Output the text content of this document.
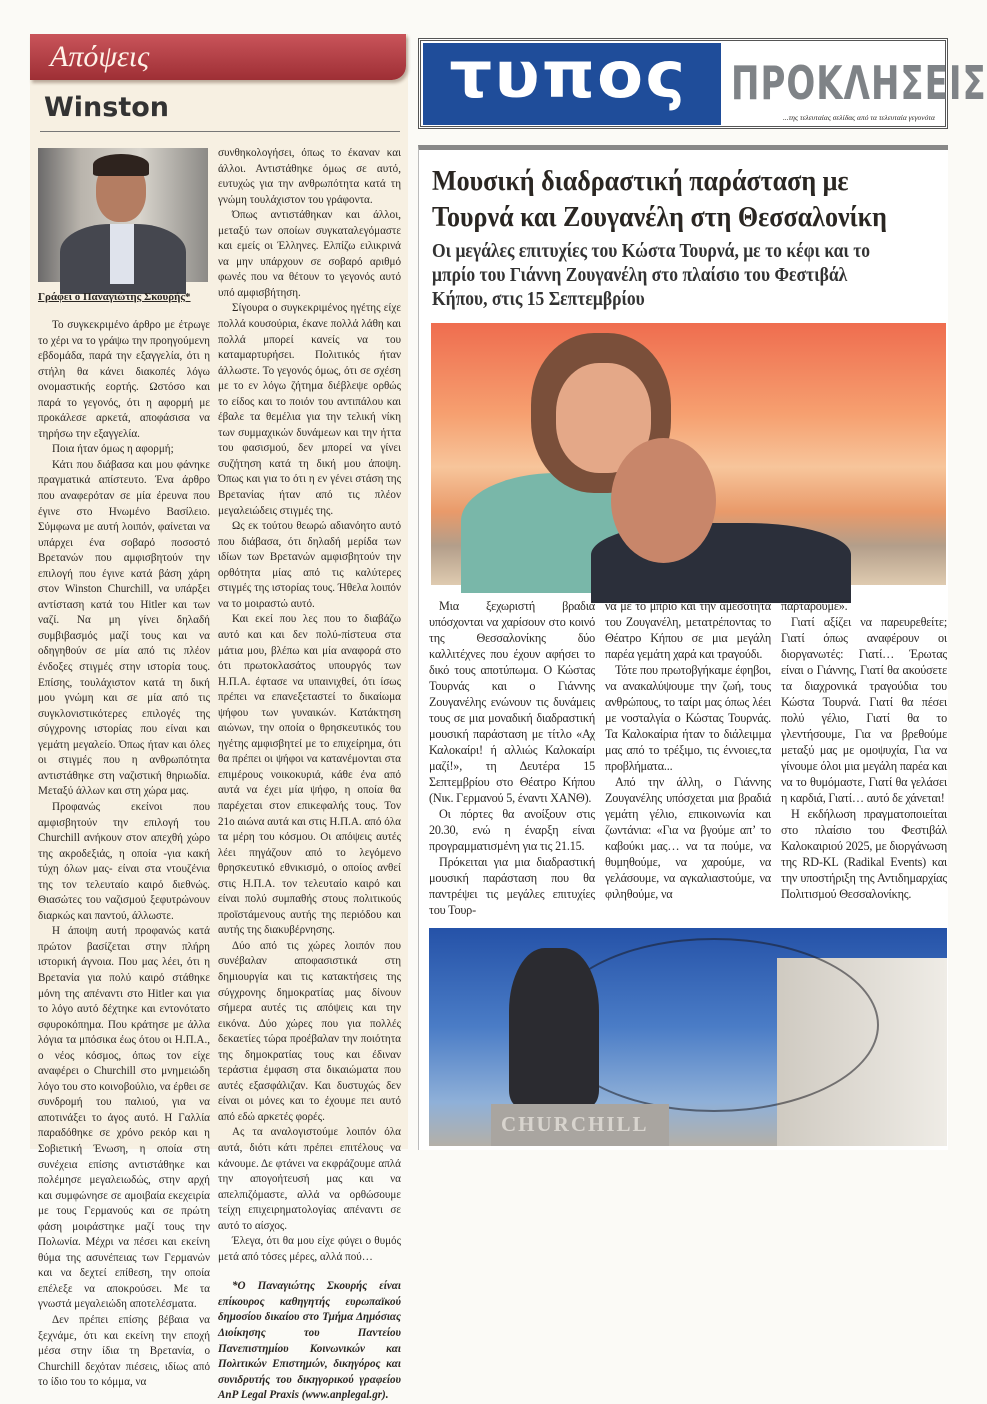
Απόψεις
Winston
Γράφει ο Παναγιώτης Σκουρής*

Το συγκεκριμένο άρθρο με έτρωγε το χέρι να το γράψω την προηγούμενη εβδομάδα, παρά την εξαγγελία, ότι η στήλη θα κάνει διακοπές λόγω ονομαστικής εορτής. Ωστόσο και παρά το γεγονός, ότι η αφορμή με προκάλεσε αρκετά, αποφάσισα να τηρήσω την εξαγγελία.

Ποια ήταν όμως η αφορμή;

Κάτι που διάβασα και μου φάνηκε πραγματικά απίστευτο. Ένα άρθρο που αναφερόταν σε μία έρευνα που έγινε στο Ηνωμένο Βασίλειο. Σύμφωνα με αυτή λοιπόν, φαίνεται να υπάρχει ένα σοβαρό ποσοστό Βρετανών που αμφισβητούν την επιλογή που έγινε κατά βάση χάρη στον Winston Churchill, να υπάρξει αντίσταση κατά του Hitler και των ναζί. Να μη γίνει δηλαδή συμβιβασμός μαζί τους και να οδηγηθούν σε μία από τις πλέον ένδοξες στιγμές στην ιστορία τους. Επίσης, τουλάχιστον κατά τη δική μου γνώμη και σε μία από τις συγκλονιστικότερες επιλογές της σύγχρονης ιστορίας που είναι και γεμάτη μεγαλείο. Όπως ήταν και όλες οι στιγμές που η ανθρωπότητα αντιστάθηκε στη ναζιστική θηριωδία. Μεταξύ άλλων και στη χώρα μας.

Προφανώς εκείνοι που αμφισβητούν την επιλογή του Churchill ανήκουν στον απεχθή χώρο της ακροδεξιάς, η οποία -για κακή τύχη όλων μας- είναι στα ντουζένια της τον τελευταίο καιρό διεθνώς. Θιασώτες του ναζισμού ξεφυτρώνουν διαρκώς και παντού, άλλωστε.

Η άποψη αυτή προφανώς κατά πρώτον βασίζεται στην πλήρη ιστορική άγνοια. Που μας λέει, ότι η Βρετανία για πολύ καιρό στάθηκε μόνη της απέναντι στο Hitler και για το λόγο αυτό δέχτηκε και εντονότατο σφυροκόπημα. Που κράτησε με άλλα λόγια τα μπόσικα έως ότου οι Η.Π.Α., ο νέος κόσμος, όπως τον είχε αναφέρει ο Churchill στο μνημειώδη λόγο του στο κοινοβούλιο, να έρθει σε συνδρομή του παλιού, για να αποτινάξει το άγος αυτό. Η Γαλλία παραδόθηκε σε χρόνο ρεκόρ και η Σοβιετική Ένωση, η οποία στη συνέχεια επίσης αντιστάθηκε και πολέμησε μεγαλειωδώς, στην αρχή και συμφώνησε σε αμοιβαία εκεχειρία με τους Γερμανούς και σε πρώτη φάση μοιράστηκε μαζί τους την Πολωνία. Μέχρι να πέσει και εκείνη θύμα της ασυνέπειας των Γερμανών και να δεχτεί επίθεση, την οποία επέλεξε να αποκρούσει. Με τα γνωστά μεγαλειώδη αποτελέσματα.

Δεν πρέπει επίσης βέβαια να ξεχνάμε, ότι και εκείνη την εποχή μέσα στην ίδια τη Βρετανία, ο Churchill δεχόταν πιέσεις, ιδίως από το ίδιο του το κόμμα, να

συνθηκολογήσει, όπως το έκαναν και άλλοι. Αντιστάθηκε όμως σε αυτό, ευτυχώς για την ανθρωπότητα κατά τη γνώμη τουλάχιστον του γράφοντα.

Όπως αντιστάθηκαν και άλλοι, μεταξύ των οποίων συγκαταλεγόμαστε και εμείς οι Έλληνες. Ελπίζω ειλικρινά να μην υπάρχουν σε σοβαρό αριθμό φωνές που να θέτουν το γεγονός αυτό υπό αμφισβήτηση.

Σίγουρα ο συγκεκριμένος ηγέτης είχε πολλά κουσούρια, έκανε πολλά λάθη και πολλά μπορεί κανείς να του καταμαρτυρήσει. Πολιτικός ήταν άλλωστε. Το γεγονός όμως, ότι σε σχέση με το εν λόγω ζήτημα διέβλεψε ορθώς το είδος και το ποιόν του αντιπάλου και έβαλε τα θεμέλια για την τελική νίκη των συμμαχικών δυνάμεων και την ήττα του φασισμού, δεν μπορεί να γίνει συζήτηση κατά τη δική μου άποψη. Όπως και για το ότι η εν γένει στάση της Βρετανίας ήταν από τις πλέον μεγαλειώδεις στιγμές της.

Ως εκ τούτου θεωρώ αδιανόητο αυτό που διάβασα, ότι δηλαδή μερίδα των ιδίων των Βρετανών αμφισβητούν την ορθότητα μίας από τις καλύτερες στιγμές της ιστορίας τους. Ήθελα λοιπόν να το μοιραστώ αυτό.

Και εκεί που λες που το διαβάζω αυτό και και δεν πολύ-πίστευα στα μάτια μου, βλέπω και μία αναφορά στο ότι πρωτοκλασάτος υπουργός των Η.Π.Α. έφτασε να υπαινιχθεί, ότι ίσως πρέπει να επανεξεταστεί το δικαίωμα ψήφου των γυναικών. Κατάκτηση αιώνων, την οποία ο θρησκευτικός του ηγέτης αμφισβητεί με το επιχείρημα, ότι θα πρέπει οι ψήφοι να κατανέμονται στα επιμέρους νοικοκυριά, κάθε ένα από αυτά να έχει μία ψήφο, η οποία θα παρέχεται στον επικεφαλής τους. Τον 21ο αιώνα αυτά και στις Η.Π.Α. από όλα τα μέρη του κόσμου. Οι απόψεις αυτές λέει πηγάζουν από το λεγόμενο θρησκευτικό εθνικισμό, ο οποίος ανθεί στις Η.Π.Α. τον τελευταίο καιρό και είναι πολύ συμπαθής στους πολιτικούς προϊστάμενους αυτής της περιόδου και αυτής της διακυβέρνησης.

Δύο από τις χώρες λοιπόν που συνέβαλαν αποφασιστικά στη δημιουργία και τις κατακτήσεις της σύγχρονης δημοκρατίας μας δίνουν σήμερα αυτές τις απόψεις και την εικόνα. Δύο χώρες που για πολλές δεκαετίες τώρα προέβαλαν την ποιότητα της δημοκρατίας τους και έδιναν τεράστια έμφαση στα δικαιώματα που αυτές εξασφάλιζαν. Και δυστυχώς δεν είναι οι μόνες και το έχουμε πει αυτό από εδώ αρκετές φορές.

Ας τα αναλογιστούμε λοιπόν όλα αυτά, διότι κάτι πρέπει επιτέλους να κάνουμε. Δε φτάνει να εκφράζουμε απλά την απογοήτευσή μας και να απελπιζόμαστε, αλλά να ορθώσουμε τείχη επιχειρηματολογίας απέναντι σε αυτό το αίσχος.

Έλεγα, ότι θα μου είχε φύγει ο θυμός μετά από τόσες μέρες, αλλά πού…

*Ο Παναγιώτης Σκουρής είναι επίκουρος καθηγητής ευρωπαϊκού δημοσίου δικαίου στο Τμήμα Δημόσιας Διοίκησης του Παντείου Πανεπιστημίου Κοινωνικών και Πολιτικών Επιστημών, δικηγόρος και συνιδρυτής του δικηγορικού γραφείου AnP Legal Praxis (www.anplegal.gr).

τυπος ΠΡΟΚΛΗΣΕΙΣ
...της τελευταίας σελίδας από τα τελευταία γεγονότα
Μουσική διαδραστική παράσταση με Τουρνά και Ζουγανέλη στη Θεσσαλονίκη
Οι μεγάλες επιτυχίες του Κώστα Τουρνά, με το κέφι και το μπρίο του Γιάννη Ζουγανέλη στο πλαίσιο του Φεστιβάλ Κήπου, στις 15 Σεπτεμβρίου

Μια ξεχωριστή βραδιά υπόσχονται να χαρίσουν στο κοινό της Θεσσαλονίκης δύο καλλιτέχνες που έχουν αφήσει το δικό τους αποτύπωμα. Ο Κώστας Τουρνάς και ο Γιάννης Ζουγανέλης ενώνουν τις δυνάμεις τους σε μια μοναδική διαδραστική μουσική παράσταση με τίτλο «Αχ Καλοκαίρι! ή αλλιώς Καλοκαίρι μαζί!», τη Δευτέρα 15 Σεπτεμβρίου στο Θέατρο Κήπου (Νικ. Γερμανού 5, έναντι ΧΑΝΘ).

Οι πόρτες θα ανοίξουν στις 20.30, ενώ η έναρξη είναι προγραμματισμένη για τις 21.15.

Πρόκειται για μια διαδραστική μουσική παράσταση που θα παντρέψει τις μεγάλες επιτυχίες του Τουρ-

νά με το μπρίο και την αμεσότητα του Ζουγανέλη, μετατρέποντας το Θέατρο Κήπου σε μια μεγάλη παρέα γεμάτη χαρά και τραγούδι.

Τότε που πρωτοβγήκαμε έφηβοι, να ανακαλύψουμε την ζωή, τους ανθρώπους, το ταίρι μας όπως λέει με νοσταλγία ο Κώστας Τουρνάς. Τα Καλοκαίρια ήταν το διάλειμμα μας από το τρέξιμο, τις έννοιες,τα προβλήματα...

Από την άλλη, ο Γιάννης Ζουγανέλης υπόσχεται μια βραδιά γεμάτη γέλιο, επικοινωνία και ζωντάνια: «Για να βγούμε απ’ το καβούκι μας… να τα πούμε, να θυμηθούμε, να χαρούμε, να γελάσουμε, να αγκαλιαστούμε, να φιληθούμε, να

παρτάρουμε».

Γιατί αξίζει να παρευρεθείτε; Γιατί όπως αναφέρουν οι διοργανωτές: Γιατί… Έρωτας είναι ο Γιάννης, Γιατί θα ακούσετε τα διαχρονικά τραγούδια του Κώστα Τουρνά. Γιατί θα πέσει πολύ γέλιο, Γιατί θα το γλεντήσουμε, Για να βρεθούμε μεταξύ μας με ομοψυχία, Για να γίνουμε όλοι μια μεγάλη παρέα και να το θυμόμαστε, Γιατί θα γελάσει η καρδιά, Γιατί… αυτό δε χάνεται!

Η εκδήλωση πραγματοποιείται στο πλαίσιο του Φεστιβάλ Καλοκαιριού 2025, με διοργάνωση της RD-KL (Radikal Events) και την υποστήριξη της Αντιδημαρχίας Πολιτισμού Θεσσαλονίκης.

CHURCHILL
